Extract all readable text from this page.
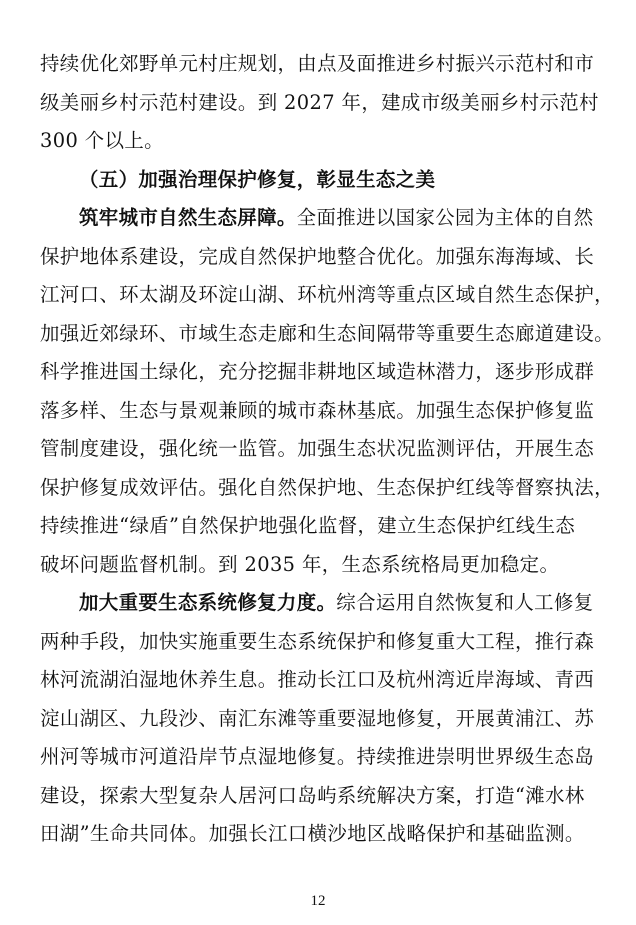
持续优化郊野单元村庄规划，由点及面推进乡村振兴示范村和市
级美丽乡村示范村建设。到 2027 年，建成市级美丽乡村示范村
300 个以上。
（五）加强治理保护修复，彰显生态之美
筑牢城市自然生态屏障。全面推进以国家公园为主体的自然
保护地体系建设，完成自然保护地整合优化。加强东海海域、长
江河口、环太湖及环淀山湖、环杭州湾等重点区域自然生态保护，
加强近郊绿环、市域生态走廊和生态间隔带等重要生态廊道建设。
科学推进国土绿化，充分挖掘非耕地区域造林潜力，逐步形成群
落多样、生态与景观兼顾的城市森林基底。加强生态保护修复监
管制度建设，强化统一监管。加强生态状况监测评估，开展生态
保护修复成效评估。强化自然保护地、生态保护红线等督察执法，
持续推进“绿盾”自然保护地强化监督，建立生态保护红线生态
破坏问题监督机制。到 2035 年，生态系统格局更加稳定。
加大重要生态系统修复力度。综合运用自然恢复和人工修复
两种手段，加快实施重要生态系统保护和修复重大工程，推行森
林河流湖泊湿地休养生息。推动长江口及杭州湾近岸海域、青西
淀山湖区、九段沙、南汇东滩等重要湿地修复，开展黄浦江、苏
州河等城市河道沿岸节点湿地修复。持续推进崇明世界级生态岛
建设，探索大型复杂人居河口岛屿系统解决方案，打造“滩水林
田湖”生命共同体。加强长江口横沙地区战略保护和基础监测。
12
